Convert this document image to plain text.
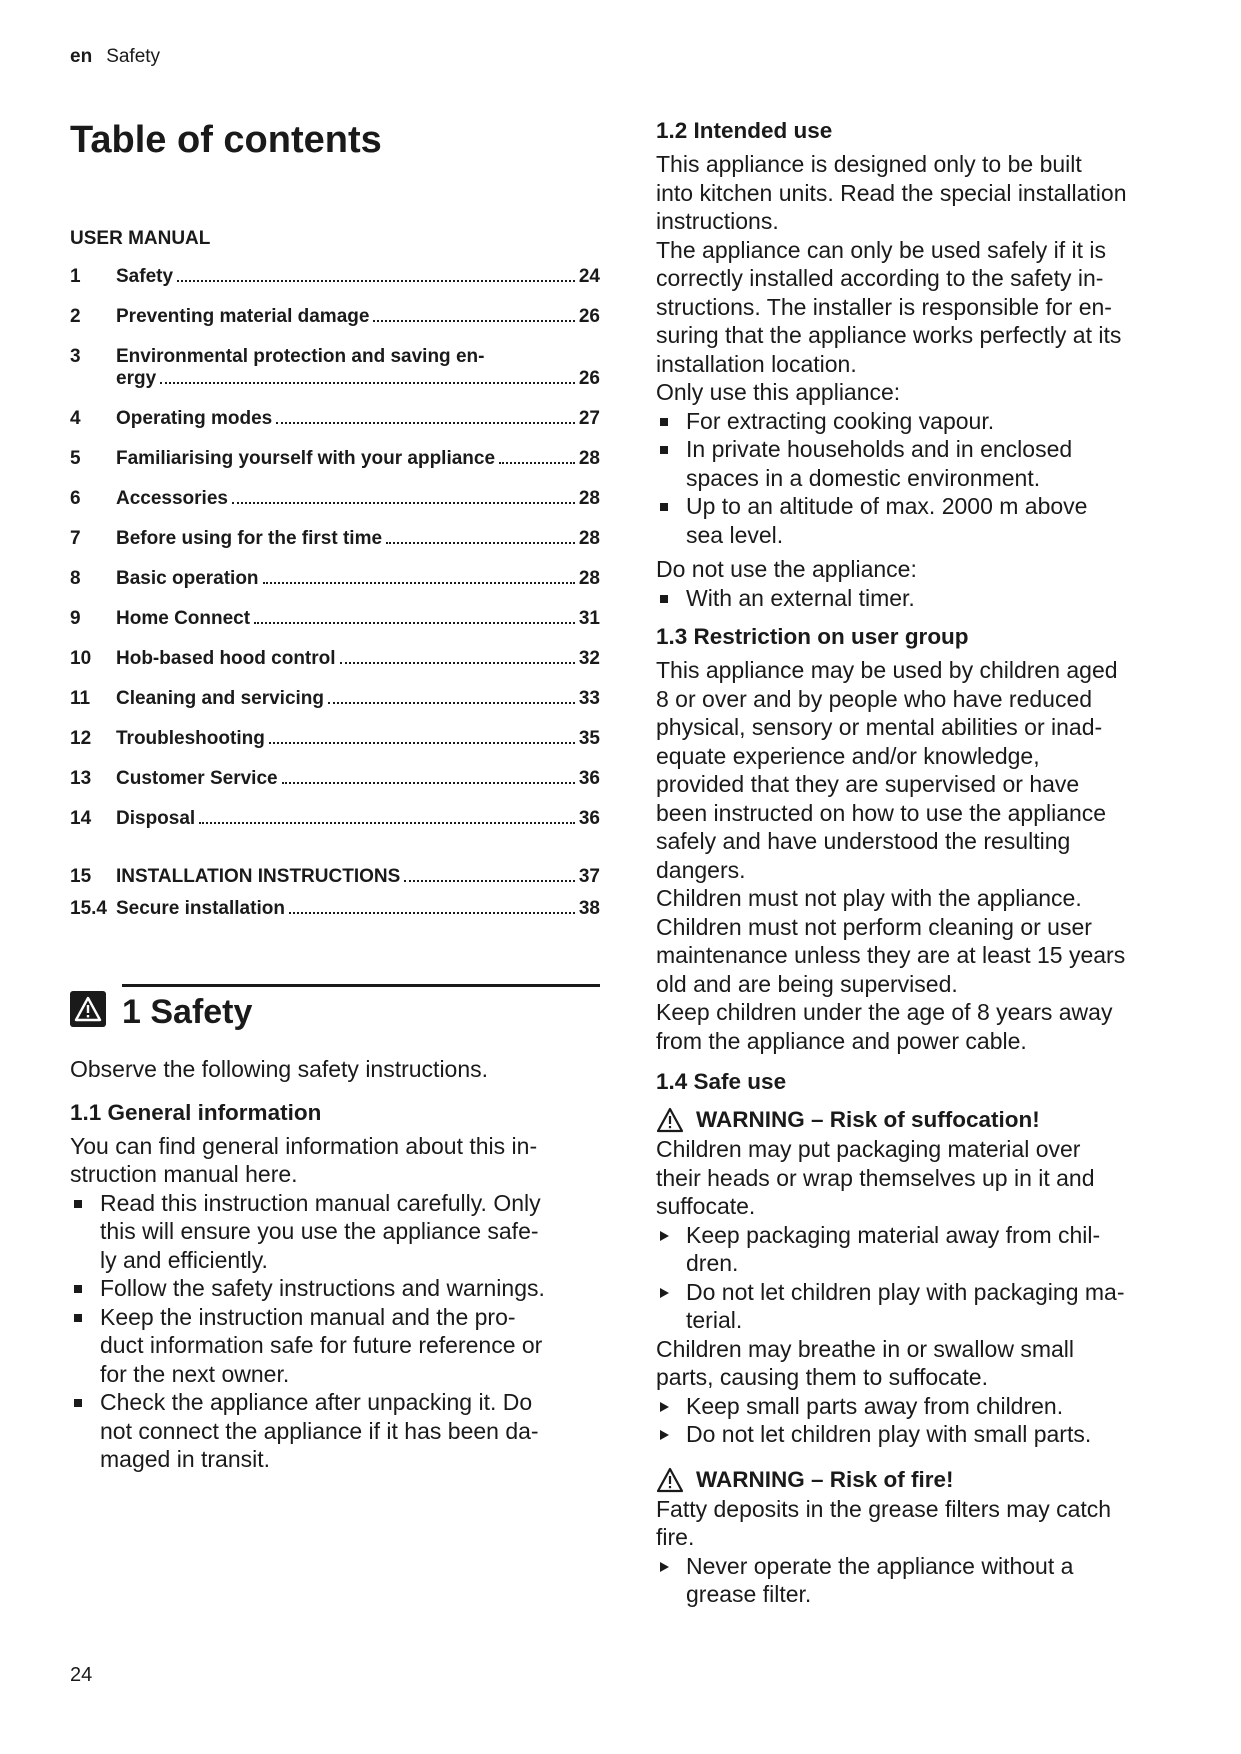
en Safety
Table of contents
USER MANUAL
1	Safety	24
2	Preventing material damage	26
3	Environmental protection and saving en-
ergy	26
4	Operating modes	27
5	Familiarising yourself with your appliance	28
6	Accessories	28
7	Before using for the first time	28
8	Basic operation	28
9	Home Connect	31
10	Hob-based hood control	32
11	Cleaning and servicing	33
12	Troubleshooting	35
13	Customer Service	36
14	Disposal	36
15	INSTALLATION INSTRUCTIONS	37
15.4 Secure installation	38
1 Safety

Observe the following safety instructions.

1.1 General information

You can find general information about this in-
struction manual here.

Read this instruction manual carefully. Only
this will ensure you use the appliance safe-
ly and efficiently.
Follow the safety instructions and warnings.
Keep the instruction manual and the pro-
duct information safe for future reference or
for the next owner.
Check the appliance after unpacking it. Do
not connect the appliance if it has been da-
maged in transit.
1.2 Intended use

This appliance is designed only to be built
into kitchen units. Read the special installation
instructions.
The appliance can only be used safely if it is
correctly installed according to the safety in-
structions. The installer is responsible for en-
suring that the appliance works perfectly at its
installation location.
Only use this appliance:

For extracting cooking vapour.
In private households and in enclosed
spaces in a domestic environment.
Up to an altitude of max. 2000 m above
sea level.

Do not use the appliance:

With an external timer.
1.3 Restriction on user group

This appliance may be used by children aged
8 or over and by people who have reduced
physical, sensory or mental abilities or inad-
equate experience and/or knowledge,
provided that they are supervised or have
been instructed on how to use the appliance
safely and have understood the resulting
dangers.
Children must not play with the appliance.
Children must not perform cleaning or user
maintenance unless they are at least 15 years
old and are being supervised.
Keep children under the age of 8 years away
from the appliance and power cable.

1.4 Safe use
WARNING – Risk of suffocation!

Children may put packaging material over
their heads or wrap themselves up in it and
suffocate.

Keep packaging material away from chil-
dren.
Do not let children play with packaging ma-
terial.

Children may breathe in or swallow small
parts, causing them to suffocate.

Keep small parts away from children.
Do not let children play with small parts.
WARNING – Risk of fire!

Fatty deposits in the grease filters may catch
fire.

Never operate the appliance without a
grease filter.
24
